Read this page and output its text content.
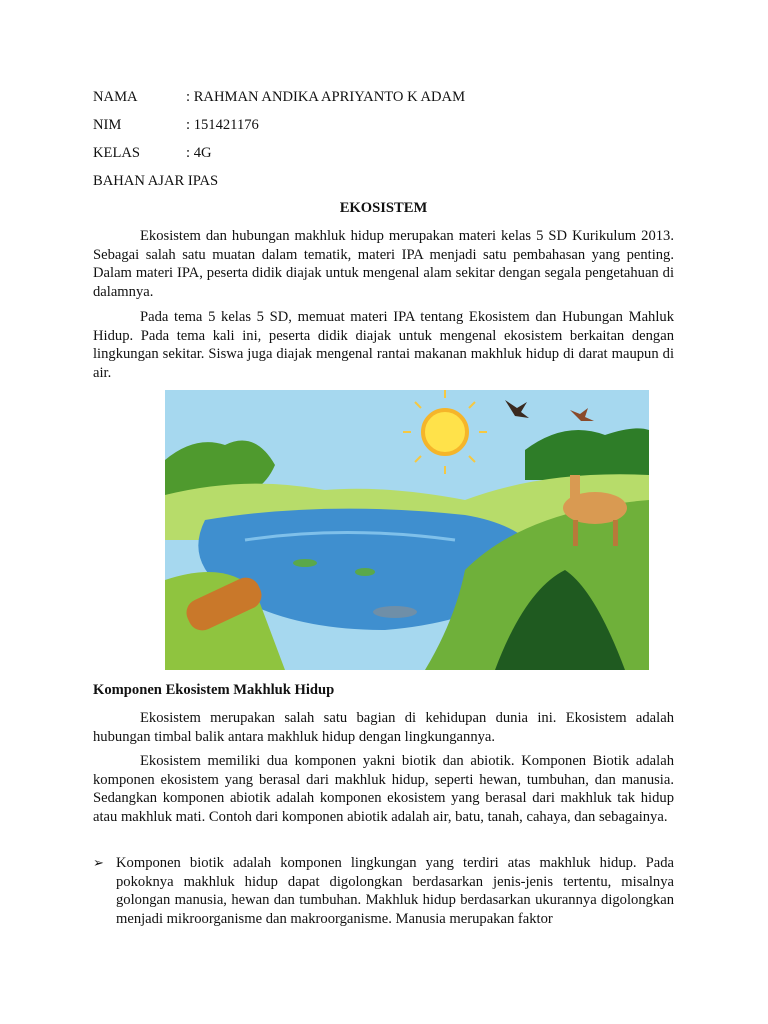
NAMA	: RAHMAN ANDIKA APRIYANTO K ADAM
NIM	: 151421176
KELAS	: 4G
BAHAN AJAR IPAS
EKOSISTEM

Ekosistem dan hubungan makhluk hidup merupakan materi kelas 5 SD Kurikulum 2013. Sebagai salah satu muatan dalam tematik, materi IPA menjadi satu pembahasan yang penting. Dalam materi IPA, peserta didik diajak untuk mengenal alam sekitar dengan segala pengetahuan di dalamnya.

Pada tema 5 kelas 5 SD, memuat materi IPA tentang Ekosistem dan Hubungan Mahluk Hidup. Pada tema kali ini, peserta didik diajak untuk mengenal ekosistem berkaitan dengan lingkungan sekitar. Siswa juga diajak mengenal rantai makanan makhluk hidup di darat maupun di air.

Komponen Ekosistem Makhluk Hidup

Ekosistem merupakan salah satu bagian di kehidupan dunia ini. Ekosistem adalah hubungan timbal balik antara makhluk hidup dengan lingkungannya.

Ekosistem memiliki dua komponen yakni biotik dan abiotik. Komponen Biotik adalah komponen ekosistem yang berasal dari makhluk hidup, seperti hewan, tumbuhan, dan manusia. Sedangkan komponen abiotik adalah komponen ekosistem yang berasal dari makhluk tak hidup atau makhluk mati. Contoh dari komponen abiotik adalah air, batu, tanah, cahaya, dan sebagainya.

➢ Komponen biotik adalah komponen lingkungan yang terdiri atas makhluk hidup. Pada pokoknya makhluk hidup dapat digolongkan berdasarkan jenis-jenis tertentu, misalnya golongan manusia, hewan dan tumbuhan. Makhluk hidup berdasarkan ukurannya digolongkan menjadi mikroorganisme dan makroorganisme. Manusia merupakan faktor
